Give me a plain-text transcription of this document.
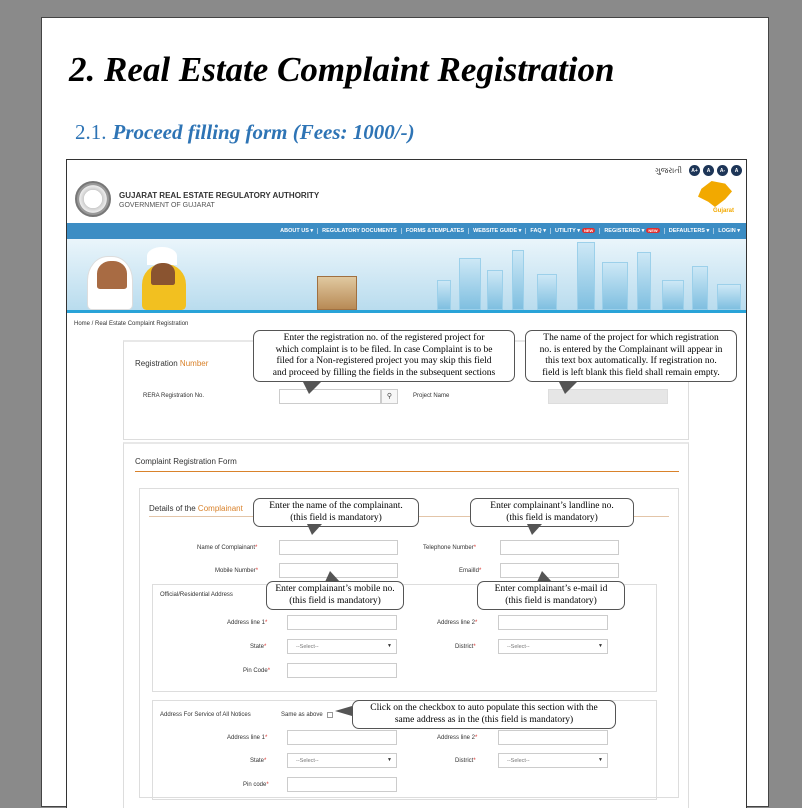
2. Real Estate Complaint Registration
2.1. Proceed filling form (Fees: 1000/-)
ગુજરાતી	A+	A	A-	A
GUJARAT REAL ESTATE REGULATORY AUTHORITY
GOVERNMENT OF GUJARAT
Gujarat
ABOUT US ▾	REGULATORY DOCUMENTS	FORMS &TEMPLATES	WEBSITE GUIDE ▾	FAQ ▾	UTILITY ▾ NEW	REGISTERED ▾ NEW	DEFAULTERS ▾	LOGIN ▾
Home / Real Estate Complaint Registration
Registration Number
RERA Registration No.	⚲	Project Name
Complaint Registration Form
Details of the Complainant
Name of Complainant*	Telephone Number*
Mobile Number*	EmailId*
Official/Residential Address
Address line 1*	Address line 2*
State*	--Select--	▼	District*	--Select--	▼
Pin Code*
Address For Service of All Notices	Same as above
Address line 1*	Address line 2*
State*	--Select--	▼	District*	--Select--	▼
Pin code*
Enter the registration no. of the registered project for
which complaint is to be filed. In case Complaint is to be
filed for a Non-registered project you may skip this field
and proceed by filling the fields in the subsequent sections
The name of the project for which registration
no. is entered by the Complainant will appear in
this text box automatically. If registration no.
field is left blank this field shall remain empty.
Enter the name of the complainant.
(this field is mandatory)
Enter complainant’s landline no.
(this field is mandatory)
Enter complainant’s mobile no.
(this field is mandatory)
Enter complainant’s e-mail id
(this field is mandatory)
Click on the checkbox to auto populate this section with the
same address as in the (this field is mandatory)
